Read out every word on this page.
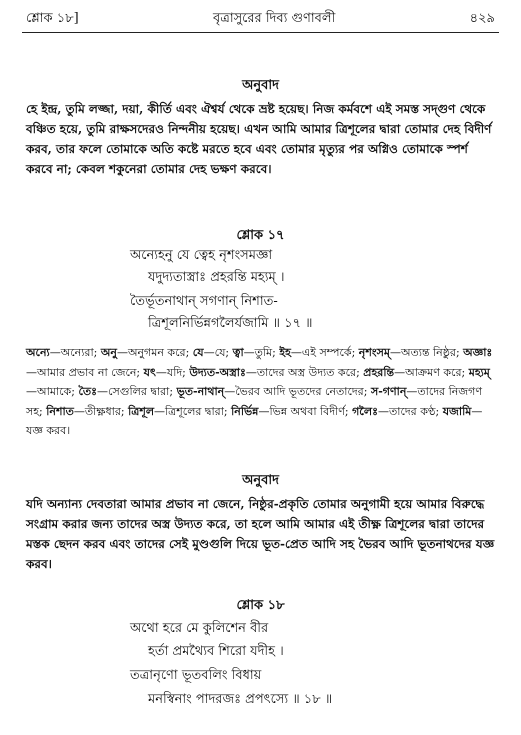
শ্লোক ১৮]	বৃত্রাসুরের দিব্য গুণাবলী	৪২৯
অনুবাদ

হে ইন্দ্র, তুমি লজ্জা, দয়া, কীর্তি এবং ঐশ্বর্য থেকে ভ্রষ্ট হয়েছ। নিজ কর্মবশে এই সমস্ত সদ্‌গুণ থেকে বঞ্চিত হয়ে, তুমি রাক্ষসদেরও নিন্দনীয় হয়েছ। এখন আমি আমার ত্রিশূলের দ্বারা তোমার দেহ বিদীর্ণ করব, তার ফলে তোমাকে অতি কষ্টে মরতে হবে এবং তোমার মৃত্যুর পর অগ্নিও তোমাকে স্পর্শ করবে না; কেবল শকুনেরা তোমার দেহ ভক্ষণ করবে।

শ্লোক ১৭
অন্যেহনু যে ত্বেহ নৃশংসমজ্ঞা
যদুদ্যতাস্ত্রাঃ প্রহরন্তি মহ্যম্ ।
তৈর্ভূতনাথান্ সগণান্ নিশাত-
ত্রিশূলনির্ভিন্নগলৈর্যজামি ॥ ১৭ ॥

অন্যে—অন্যেরা; অনু—অনুগমন করে; যে—যে; ত্বা—তুমি; ইহ—এই সম্পর্কে; নৃশংসম্—অত্যন্ত নিষ্ঠুর; অজ্ঞাঃ—আমার প্রভাব না জেনে; যৎ—যদি; উদ্যত-অস্ত্রাঃ—তাদের অস্ত্র উদ্যত করে; প্রহরন্তি—আক্রমণ করে; মহ্যম্—আমাকে; তৈঃ—সেগুলির দ্বারা; ভূত-নাথান্—ভৈরব আদি ভূতদের নেতাদের; স-গণান্—তাদের নিজগণ সহ; নিশাত—তীক্ষ্ণধার; ত্রিশূল—ত্রিশূলের দ্বারা; নির্ভিন্ন—ভিন্ন অথবা বিদীর্ণ; গলৈঃ—তাদের কণ্ঠ; যজামি—যজ্ঞ করব।

অনুবাদ

যদি অন্যান্য দেবতারা আমার প্রভাব না জেনে, নিষ্ঠুর-প্রকৃতি তোমার অনুগামী হয়ে আমার বিরুদ্ধে সংগ্রাম করার জন্য তাদের অস্ত্র উদ্যত করে, তা হলে আমি আমার এই তীক্ষ্ণ ত্রিশূলের দ্বারা তাদের মস্তক ছেদন করব এবং তাদের সেই মুণ্ডগুলি দিয়ে ভূত-প্রেত আদি সহ ভৈরব আদি ভূতনাথদের যজ্ঞ করব।

শ্লোক ১৮
অথো হরে মে কুলিশেন বীর
হর্তা প্রমথ্যৈব শিরো যদীহ ।
তত্রানৃণো ভূতবলিং বিধায়
মনস্বিনাং পাদরজঃ প্রপৎস্যে ॥ ১৮ ॥
